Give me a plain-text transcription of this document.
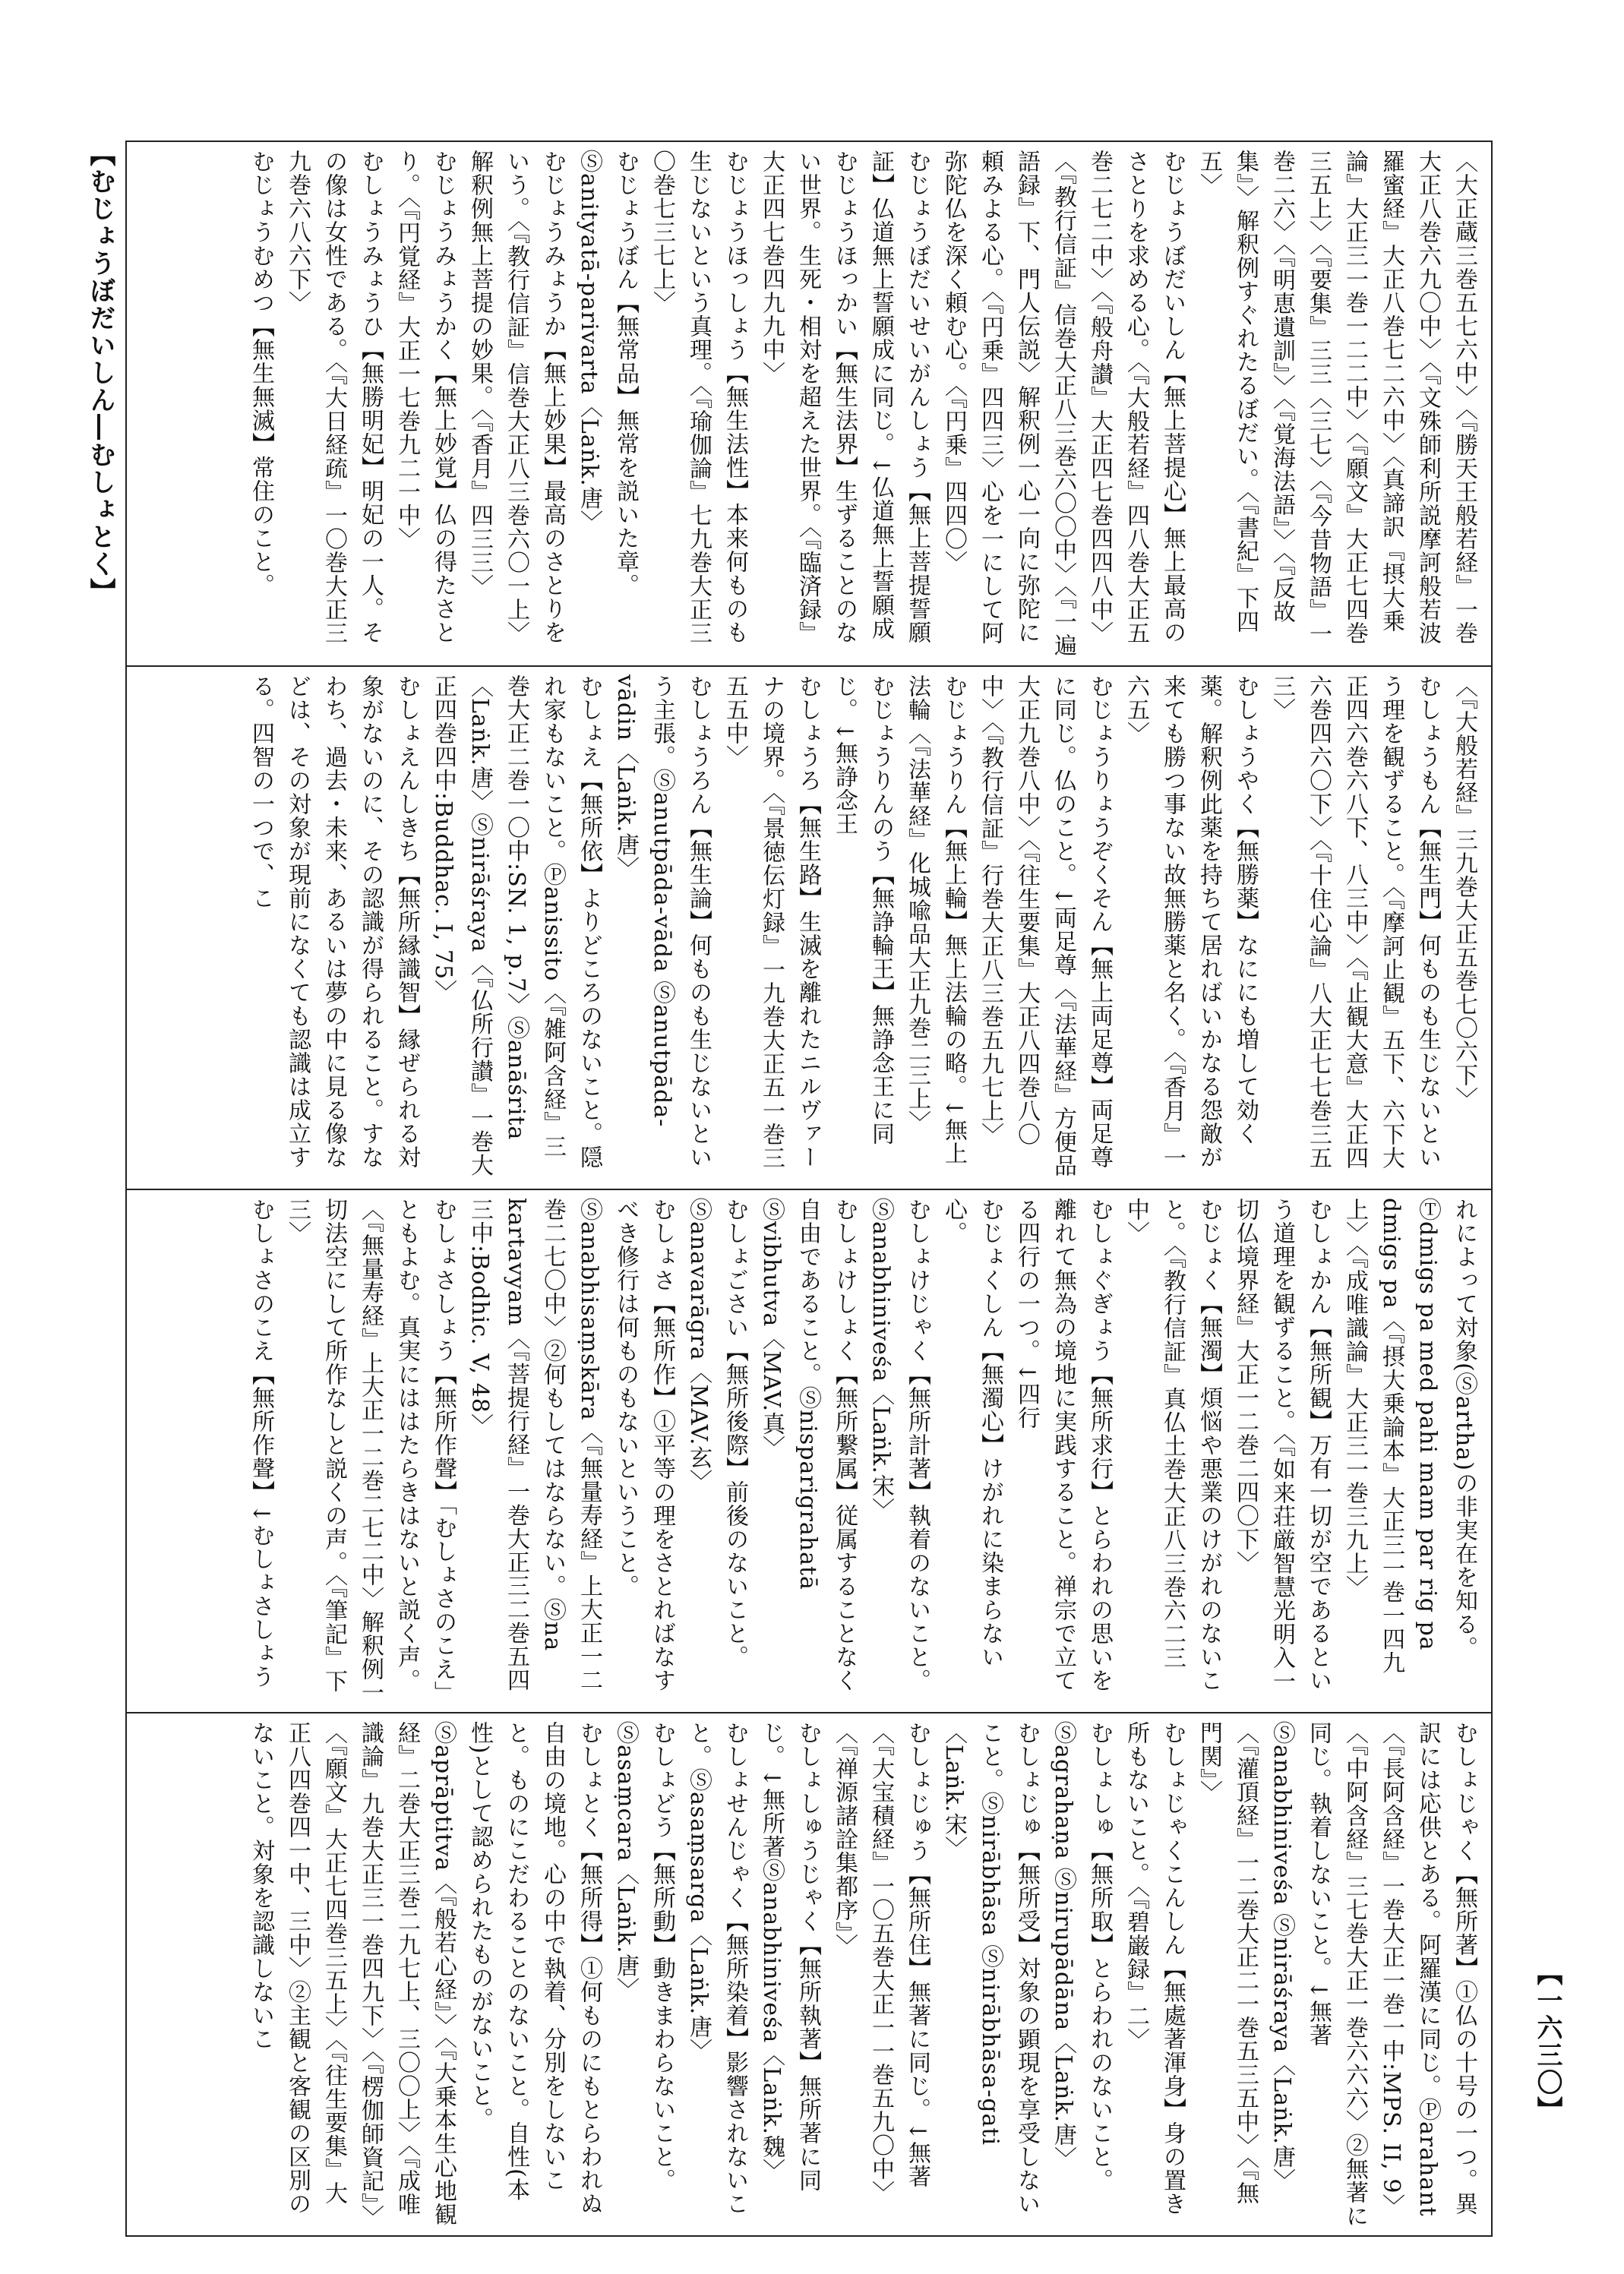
【むじょうぼだいしん―むしょとく】
【一六三〇】
〈大正蔵三巻五七六中〉〈『勝天王般若経』一巻大正八巻六九〇中〉〈『文殊師利所説摩訶般若波羅蜜経』大正八巻七二六中〉〈真諦訳『摂大乗論』大正三一巻一二二中〉〈『願文』大正七四巻三五上〉〈『要集』三三〈三七〉〈『今昔物語』一巻二六〉〈『明恵遺訓』〉〈『覚海法語』〉〈『反故集』〉解釈例すぐれたるぼだい。〈『書紀』下四五〉
むじょうぼだいしん【無上菩提心】無上最高のさとりを求める心。〈『大般若経』四八巻大正五巻二七二中〉〈『般舟讃』大正四七巻四四八中〉〈『教行信証』信巻大正八三巻六〇〇中〉〈『一遍語録』下、門人伝説〉解釈例一心一向に弥陀に頼みよる心。〈『円乗』四四三〉心を一にして阿弥陀仏を深く頼む心。〈『円乗』四四〇〉
むじょうぼだいせいがんしょう【無上菩提誓願証】仏道無上誓願成に同じ。↓仏道無上誓願成
むじょうほっかい【無生法界】生ずることのない世界。生死・相対を超えた世界。〈『臨済録』大正四七巻四九九中〉
むじょうほっしょう【無生法性】本来何ものも生じないという真理。〈『瑜伽論』七九巻大正三〇巻七三七上〉
むじょうぼん【無常品】無常を説いた章。Ⓢanityatā-parivarta〈Laṅk.唐〉
むじょうみょうか【無上妙果】最高のさとりをいう。〈『教行信証』信巻大正八三巻六〇一上〉解釈例無上菩提の妙果。〈『香月』四三三〉
むじょうみょうかく【無上妙覚】仏の得たさとり。〈『円覚経』大正一七巻九二一中〉
むしょうみょうひ【無勝明妃】明妃の一人。その像は女性である。〈『大日経疏』一〇巻大正三九巻六八六下〉
むじょうむめつ【無生無滅】常住のこと。
〈『大般若経』三九巻大正五巻七〇六下〉
むしょうもん【無生門】何ものも生じないという理を観ずること。〈『摩訶止観』五下、六下大正四六巻六八下、八三中〉〈『止観大意』大正四六巻四六〇下〉〈『十住心論』八大正七七巻三五三〉
むしょうやく【無勝薬】なににも増して効く薬。解釈例此薬を持ちて居ればいかなる怨敵が来ても勝つ事ない故無勝薬と名く。〈『香月』一六五〉
むじょうりょうぞくそん【無上両足尊】両足尊に同じ。仏のこと。↓両足尊〈『法華経』方便品大正九巻八中〉〈『往生要集』大正八四巻八〇中〉〈『教行信証』行巻大正八三巻五九七上〉
むじょうりん【無上輪】無上法輪の略。↓無上法輪〈『法華経』化城喩品大正九巻二三上〉
むじょうりんのう【無諍輪王】無諍念王に同じ。↓無諍念王
むしょうろ【無生路】生滅を離れたニルヴァーナの境界。〈『景徳伝灯録』一九巻大正五一巻三五五中〉
むしょうろん【無生論】何ものも生じないという主張。Ⓢanutpāda-vāda Ⓢanutpāda-vādin〈Laṅk.唐〉
むしょえ【無所依】よりどころのないこと。隠れ家もないこと。Ⓟanissito〈『雑阿含経』三巻大正二巻一〇中:SN. 1, p.7〉Ⓢanāśrita〈Laṅk.唐〉Ⓢnirāśraya〈『仏所行讃』一巻大正四巻四中:Buddhac. I, 75〉
むしょえんしきち【無所縁識智】縁ぜられる対象がないのに、その認識が得られること。すなわち、過去・未来、あるいは夢の中に見る像などは、その対象が現前になくても認識は成立する。四智の一つで、こ
れによって対象(Ⓢartha)の非実在を知る。Ⓣdmigs pa med pahi mam par rig pa dmigs pa〈『摂大乗論本』大正三一巻一四九上〉〈『成唯識論』大正三一巻三九上〉
むしょかん【無所観】万有一切が空であるという道理を観ずること。〈『如来荘厳智慧光明入一切仏境界経』大正一二巻二四〇下〉
むじょく【無濁】煩悩や悪業のけがれのないこと。〈『教行信証』真仏土巻大正八三巻六二三中〉
むしょぐぎょう【無所求行】とらわれの思いを離れて無為の境地に実践すること。禅宗で立てる四行の一つ。↓四行
むじょくしん【無濁心】けがれに染まらない心。
むしょけじゃく【無所計著】執着のないこと。Ⓢanabhiniveśa〈Laṅk.宋〉
むしょけしょく【無所繋属】従属することなく自由であること。Ⓢnisparigrahatā Ⓢvibhutva〈MAV.真〉
むしょごさい【無所後際】前後のないこと。Ⓢanavarāgra〈MAV.玄〉
むしょさ【無所作】①平等の理をさとればなすべき修行は何ものもないということ。Ⓢanabhisaṃskāra〈『無量寿経』上大正一二巻二七〇中〉②何もしてはならない。Ⓢna kartavyam〈『菩提行経』一巻大正三二巻五四三中:Bodhic. V, 48〉
むしょさしょう【無所作聲】「むしょさのこえ」ともよむ。真実にははたらきはないと説く声。〈『無量寿経』上大正一二巻二七二中〉解釈例一切法空にして所作なしと説くの声。〈『筆記』下三〉
むしょさのこえ【無所作聲】↓むしょさしょう
むしょじゃく【無所著】①仏の十号の一つ。異訳には応供とある。阿羅漢に同じ。Ⓟarahant〈『長阿含経』一巻大正一巻一中:MPS. II, 9〉〈『中阿含経』三七巻大正一巻六六六〉②無著に同じ。執着しないこと。↓無著Ⓢanabhiniveśa Ⓢnirāśraya〈Laṅk.唐〉〈『灌頂経』一二巻大正二一巻五三五中〉〈『無門関』〉
むしょじゃくこんしん【無處著渾身】身の置き所もないこと。〈『碧巌録』二〉
むしょしゅ【無所取】とらわれのないこと。Ⓢagrahaṇa Ⓢnirupādāna〈Laṅk.唐〉
むしょじゅ【無所受】対象の顕現を享受しないこと。Ⓢnirābhāsa Ⓢnirābhāsa-gati〈Laṅk.宋〉
むしょじゅう【無所住】無著に同じ。↓無著〈『大宝積経』一〇五巻大正一一巻五九〇中〉〈『禅源諸詮集都序』〉
むしょしゅうじゃく【無所執著】無所著に同じ。↓無所著Ⓢanabhiniveśa〈Laṅk.魏〉
むしょせんじゃく【無所染着】影響されないこと。Ⓢasaṃsarga〈Laṅk.唐〉
むしょどう【無所動】動きまわらないこと。Ⓢasaṃcara〈Laṅk.唐〉
むしょとく【無所得】①何ものにもとらわれぬ自由の境地。心の中で執着、分別をしないこと。ものにこだわることのないこと。自性(本性)として認められたものがないこと。Ⓢaprāptitva〈『般若心経』〉〈『大乗本生心地観経』二巻大正三巻二九七上、三〇〇上〉〈『成唯識論』九巻大正三一巻四九下〉〈『楞伽師資記』〉〈『願文』大正七四巻三五上〉〈『往生要集』大正八四巻四一中、三中〉②主観と客観の区別のないこと。対象を認識しないこ
